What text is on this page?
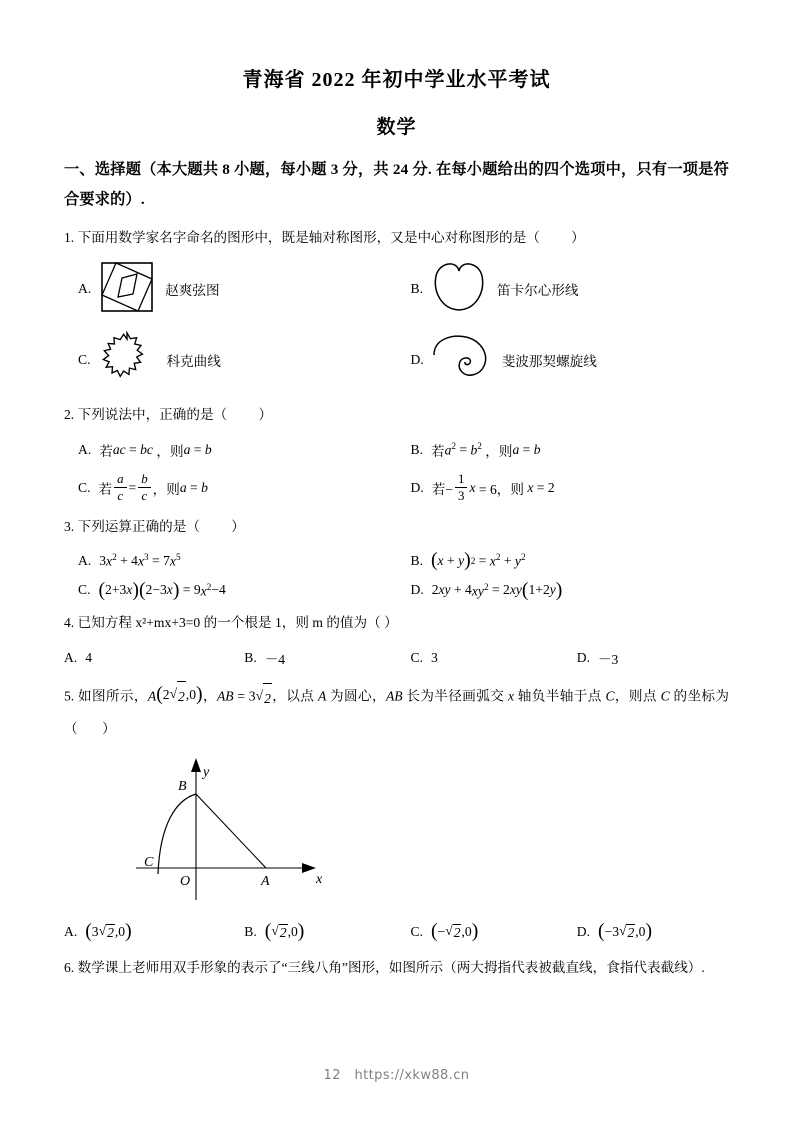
青海省 2022 年初中学业水平考试
数学
一、选择题（本大题共 8 小题，每小题 3 分，共 24 分. 在每小题给出的四个选项中，只有一项是符合要求的）.
1. 下面用数学家名字命名的图形中，既是轴对称图形，又是中心对称图形的是（ ）
A.	赵爽弦图	B.	笛卡尔心形线
C.	科克曲线	D.	斐波那契螺旋线
2. 下列说法中，正确的是（ ）
A. 若 ac = bc ，则 a = b	B. 若 $a^2 = b^2$ ，则 a = b
C. 若 $\frac{a}{c} = \frac{b}{c}$ ，则 a = b	D. 若− $\frac{1}{3}$ x = 6，则 x = 2
3. 下列运算正确的是（ ）
A. 3 $x^2 + 4$ $x^3 = 7$ $x^5$	B. ( x + y ) $2 = x^2 + y^2$
C. ( 2+3 x ) ( 2−3 x ) = 9 $x^2 -4$	D. 2 xy + 4 $xy^2 = 2$ xy ( 1+2 y )
4. 已知方程 x²+mx+3=0 的一个根是 1，则 m 的值为（ ）
A. 4	B. －4	C. 3	D. －3
5. 如图所示，A ( 2 √ 2 ,0 ) ，AB = 3 √ 2 ，以点 A 为圆心，AB 长为半径画弧交 x 轴负半轴于点 C，则点 C 的坐标为（ ）
B
y
C
O	A	x
A. ( 3 √ 2 ,0 )	B. ( √ 2 ,0 )	C. ( − √ 2 ,0 )	D. ( −3 √ 2 ,0 )
6. 数学课上老师用双手形象的表示了“三线八角”图形，如图所示（两大拇指代表被截直线，食指代表截线）.
12 https://xkw88.cn
